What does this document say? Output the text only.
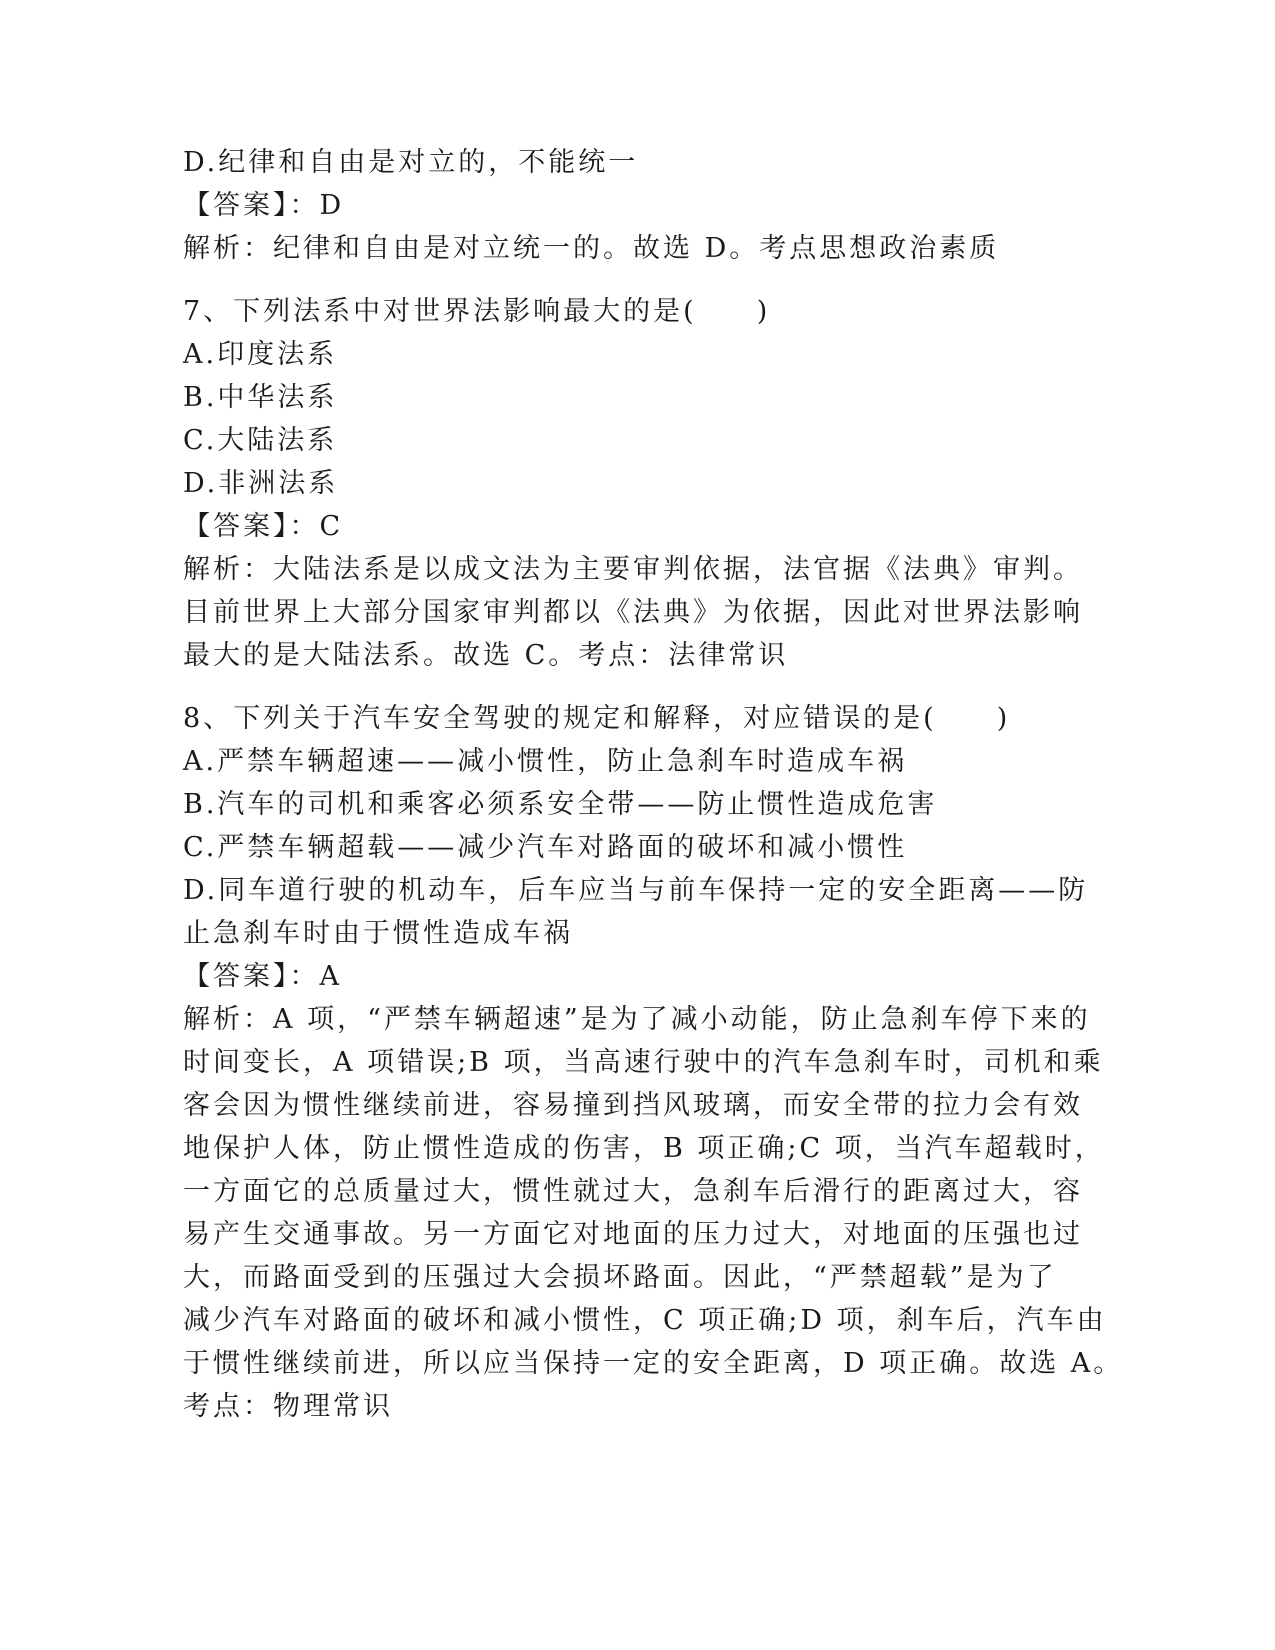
D.纪律和自由是对立的，不能统一
【答案】：D
解析：纪律和自由是对立统一的。故选 D。考点思想政治素质
7、下列法系中对世界法影响最大的是(　　)
A.印度法系
B.中华法系
C.大陆法系
D.非洲法系
【答案】：C
解析：大陆法系是以成文法为主要审判依据，法官据《法典》审判。
目前世界上大部分国家审判都以《法典》为依据，因此对世界法影响
最大的是大陆法系。故选 C。考点：法律常识
8、下列关于汽车安全驾驶的规定和解释，对应错误的是(　　)
A.严禁车辆超速——减小惯性，防止急刹车时造成车祸
B.汽车的司机和乘客必须系安全带——防止惯性造成危害
C.严禁车辆超载——减少汽车对路面的破坏和减小惯性
D.同车道行驶的机动车，后车应当与前车保持一定的安全距离——防
止急刹车时由于惯性造成车祸
【答案】：A
解析：A 项，“严禁车辆超速”是为了减小动能，防止急刹车停下来的
时间变长，A 项错误;B 项，当高速行驶中的汽车急刹车时，司机和乘
客会因为惯性继续前进，容易撞到挡风玻璃，而安全带的拉力会有效
地保护人体，防止惯性造成的伤害，B 项正确;C 项，当汽车超载时，
一方面它的总质量过大，惯性就过大，急刹车后滑行的距离过大，容
易产生交通事故。另一方面它对地面的压力过大，对地面的压强也过
大，而路面受到的压强过大会损坏路面。因此，“严禁超载”是为了
减少汽车对路面的破坏和减小惯性，C 项正确;D 项，刹车后，汽车由
于惯性继续前进，所以应当保持一定的安全距离，D 项正确。故选 A。
考点：物理常识
